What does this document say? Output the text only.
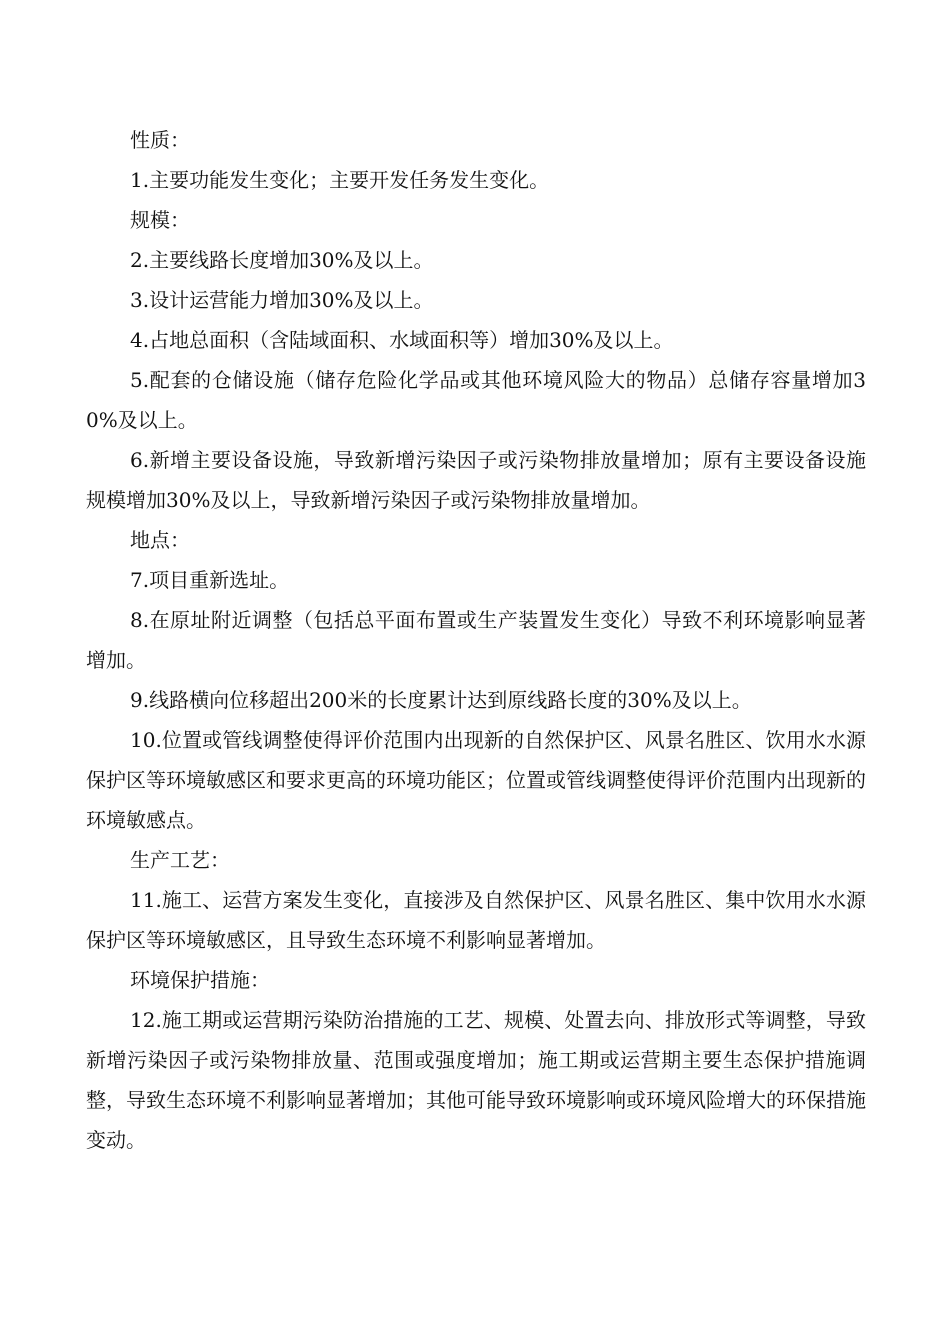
性质：

1.主要功能发生变化；主要开发任务发生变化。

规模：

2.主要线路长度增加30%及以上。

3.设计运营能力增加30%及以上。

4.占地总面积（含陆域面积、水域面积等）增加30%及以上。

5.配套的仓储设施（储存危险化学品或其他环境风险大的物品）总储存容量增加30%及以上。

6.新增主要设备设施，导致新增污染因子或污染物排放量增加；原有主要设备设施规模增加30%及以上，导致新增污染因子或污染物排放量增加。

地点：

7.项目重新选址。

8.在原址附近调整（包括总平面布置或生产装置发生变化）导致不利环境影响显著增加。

9.线路横向位移超出200米的长度累计达到原线路长度的30%及以上。

10.位置或管线调整使得评价范围内出现新的自然保护区、风景名胜区、饮用水水源保护区等环境敏感区和要求更高的环境功能区；位置或管线调整使得评价范围内出现新的环境敏感点。

生产工艺：

11.施工、运营方案发生变化，直接涉及自然保护区、风景名胜区、集中饮用水水源保护区等环境敏感区，且导致生态环境不利影响显著增加。

环境保护措施：

12.施工期或运营期污染防治措施的工艺、规模、处置去向、排放形式等调整，导致新增污染因子或污染物排放量、范围或强度增加；施工期或运营期主要生态保护措施调整，导致生态环境不利影响显著增加；其他可能导致环境影响或环境风险增大的环保措施变动。
